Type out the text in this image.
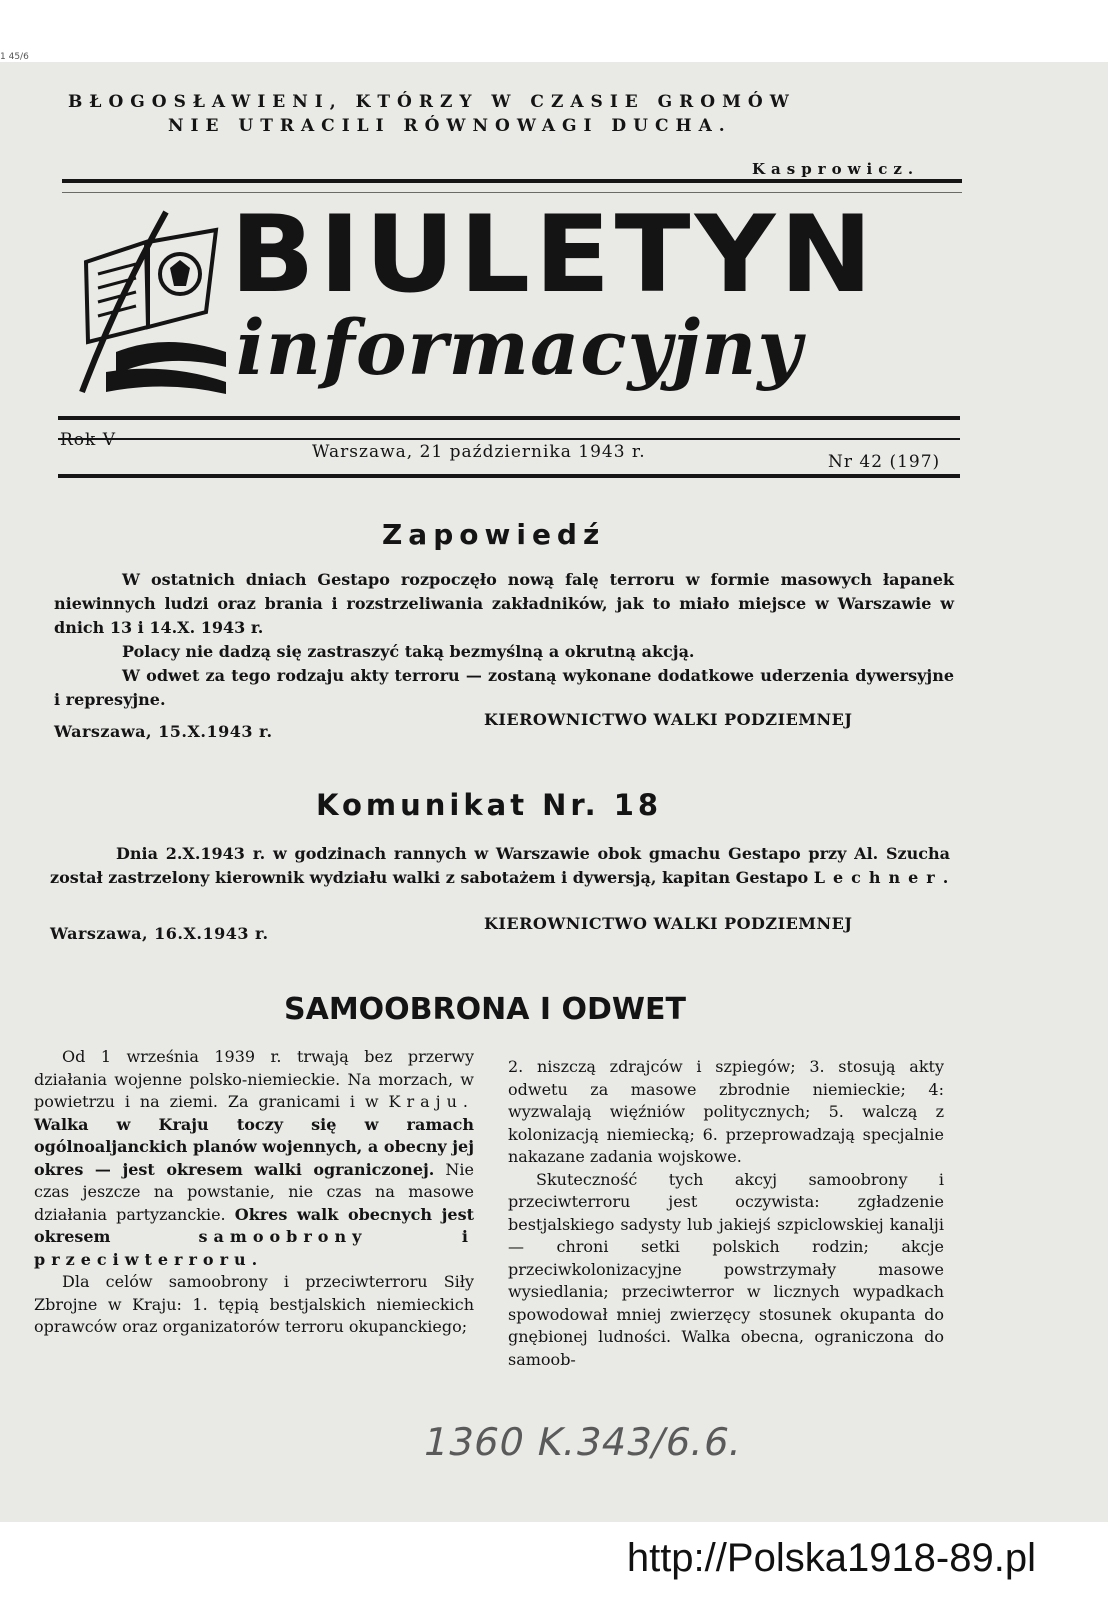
1 45/6
BŁOGOSŁAWIENI, KTÓRZY W CZASIE GROMÓW
NIE UTRACILI RÓWNOWAGI DUCHA.
Kasprowicz.
BIULETYN
informacyjny
Rok V
Warszawa, 21 października 1943 r.	Nr 42 (197)
Zapowiedź

W ostatnich dniach Gestapo rozpoczęło nową falę terroru w formie masowych łapanek niewinnych ludzi oraz brania i rozstrzeliwania zakładników, jak to miało miejsce w Warszawie w dnich 13 i 14.X. 1943 r.

Polacy nie dadzą się zastraszyć taką bezmyślną a okrutną akcją.

W odwet za tego rodzaju akty terroru — zostaną wykonane dodatkowe uderzenia dywersyjne i represyjne.

KIEROWNICTWO WALKI PODZIEMNEJ
Warszawa, 15.X.1943 r.
Komunikat Nr. 18

Dnia 2.X.1943 r. w godzinach rannych w Warszawie obok gmachu Gestapo przy Al. Szucha został zastrzelony kierownik wydziału walki z sabotażem i dywersją, kapitan Gestapo Lechner.

KIEROWNICTWO WALKI PODZIEMNEJ
Warszawa, 16.X.1943 r.
SAMOOBRONA I ODWET

Od 1 września 1939 r. trwają bez przerwy działania wojenne polsko-niemieckie. Na morzach, w powietrzu i na ziemi. Za granicami i w Kraju. Walka w Kraju toczy się w ramach ogólnoaljanckich planów wojennych, a obecny jej okres — jest okresem walki ograniczonej. Nie czas jeszcze na powstanie, nie czas na masowe działania partyzanckie. Okres walk obecnych jest okresem	samoobrony i przeciwterroru.

Dla celów samoobrony i przeciwterroru Siły Zbrojne w Kraju: 1. tępią bestjalskich niemieckich oprawców oraz organizatorów terroru okupanckiego;

2. niszczą zdrajców i szpiegów; 3. stosują akty odwetu za masowe zbrodnie niemieckie; 4: wyzwalają więźniów politycznych; 5. walczą z kolonizacją niemiecką; 6. przeprowadzają specjalnie nakazane zadania wojskowe.

Skuteczność tych akcyj samoobrony i przeciwterroru jest oczywista: zgładzenie bestjalskiego sadysty lub jakiejś szpiclowskiej kanalji — chroni setki polskich rodzin; akcje przeciwkolonizacyjne powstrzymały masowe wysiedlania; przeciwterror w licznych wypadkach spowodował mniej zwierzęcy stosunek okupanta do gnębionej ludności. Walka obecna, ograniczona do samoob-

1360 K.343/6.6.
http://Polska1918-89.pl
